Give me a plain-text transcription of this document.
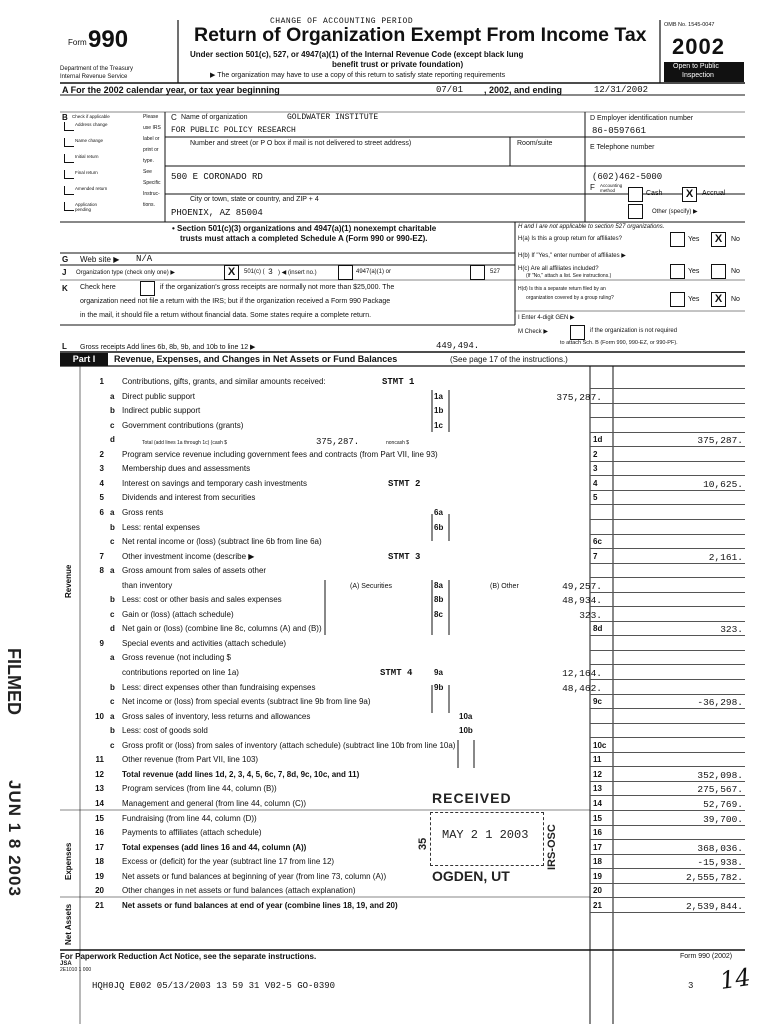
CHANGE OF ACCOUNTING PERIOD
Form 990
Department of the Treasury
Internal Revenue Service
Return of Organization Exempt From Income Tax
Under section 501(c), 527, or 4947(a)(1) of the Internal Revenue Code (except black lung
benefit trust or private foundation)
▶ The organization may have to use a copy of this return to satisfy state reporting requirements
OMB No. 1545-0047
2002
Open to Public
Inspection
A For the 2002 calendar year, or tax year beginning	07/01 , 2002, and ending	12/31/2002
B Check if applicable
Address change
Name change
Initial return
Final return
Amended return
Application pending
Please
use IRS
label or
print or
type.
See
Specific
Instruc-
tions.
C Name of organization	GOLDWATER INSTITUTE
FOR PUBLIC POLICY RESEARCH
Number and street (or P O box if mail is not delivered to street address)	Room/suite
500 E CORONADO RD
City or town, state or country, and ZIP + 4
PHOENIX, AZ 85004
D Employer identification number
86-0597661
E Telephone number
(602)462-5000
F Accounting method	Cash	X	Accrual
Other (specify) ▶
• Section 501(c)(3) organizations and 4947(a)(1) nonexempt charitable
trusts must attach a completed Schedule A (Form 990 or 990-EZ).
H and I are not applicable to section 527 organizations.
H(a) Is this a group return for affiliates?	Yes	X	No
H(b) If "Yes," enter number of affiliates ▶
H(c) Are all affiliates included?
(If "No," attach a list. See instructions.)
Yes	No
H(d) Is this a separate return filed by an
organization covered by a group ruling?	Yes	X	No
I Enter 4-digit GEN ▶
M Check ▶	if the organization is not required
to attach Sch. B (Form 990, 990-EZ, or 990-PF).
G Web site ▶ N/A
J Organization type (check only one) ▶	X	501(c) ( 3 ) ◀ (insert no.)	4947(a)(1) or	527
K Check here	if the organization's gross receipts are normally not more than $25,000. The
organization need not file a return with the IRS; but if the organization received a Form 990 Package
in the mail, it should file a return without financial data. Some states require a complete return.
L Gross receipts Add lines 6b, 8b, 9b, and 10b to line 12 ▶	449,494.
Part I	Revenue, Expenses, and Changes in Net Assets or Fund Balances	(See page 17 of the instructions.)
Revenue
Expenses
Net Assets
(A) Securities	(B) Other
Total (add lines 1a through 1c) (cash $	375,287.	noncash $
1 Contributions, gifts, grants, and similar amounts received:	STMT 1
a Direct public support	1a	375,287.
b Indirect public support	1b
c Government contributions (grants)	1c
d	1d	375,287.
2 Program service revenue including government fees and contracts (from Part VII, line 93)	2
3 Membership dues and assessments	3
4 Interest on savings and temporary cash investments	STMT 2	4	10,625.
5 Dividends and interest from securities	5
6 a Gross rents	6a
b Less: rental expenses	6b
c Net rental income or (loss) (subtract line 6b from line 6a)	6c
7 Other investment income (describe ▶	STMT 3	7	2,161.
8 a Gross amount from sales of assets other
than inventory	8a	49,257.
b Less: cost or other basis and sales expenses	8b	48,934.
c Gain or (loss) (attach schedule)	8c	323.
d Net gain or (loss) (combine line 8c, columns (A) and (B))	8d	323.
9 Special events and activities (attach schedule)
a Gross revenue (not including $
contributions reported on line 1a)	STMT 4	9a	12,164.
b Less: direct expenses other than fundraising expenses	9b	48,462.
c Net income or (loss) from special events (subtract line 9b from line 9a)	9c	-36,298.
10 a Gross sales of inventory, less returns and allowances	10a
b Less: cost of goods sold	10b
c Gross profit or (loss) from sales of inventory (attach schedule) (subtract line 10b from line 10a)	10c
11 Other revenue (from Part VII, line 103)	11
12 Total revenue (add lines 1d, 2, 3, 4, 5, 6c, 7, 8d, 9c, 10c, and 11)	12	352,098.
13 Program services (from line 44, column (B))	13	275,567.
14 Management and general (from line 44, column (C))	14	52,769.
15 Fundraising (from line 44, column (D))	15	39,700.
16 Payments to affiliates (attach schedule)	16
17 Total expenses (add lines 16 and 44, column (A))	17	368,036.
18 Excess or (deficit) for the year (subtract line 17 from line 12)	18	-15,938.
19 Net assets or fund balances at beginning of year (from line 73, column (A))	19	2,555,782.
20 Other changes in net assets or fund balances (attach explanation)	20
21 Net assets or fund balances at end of year (combine lines 18, 19, and 20)	21	2,539,844.
For Paperwork Reduction Act Notice, see the separate instructions.	Form 990 (2002)
JSA
2E1010 1 000
HQH0JQ E002 05/13/2003 13 59 31 V02-5 GO-0390	3 14
RECEIVED
MAY 2 1 2003
OGDEN, UT
35	IRS-OSC
FILMED
JUN 1 8 2003
